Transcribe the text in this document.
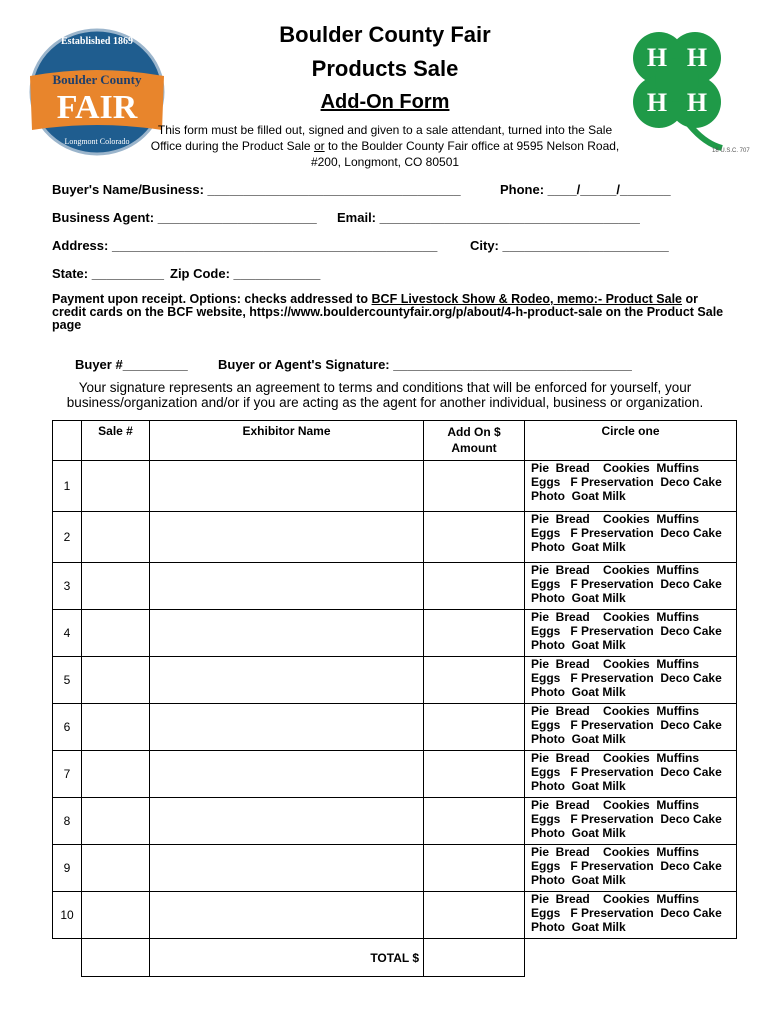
Established 1869
Boulder County
FAIR
Longmont Colorado
H H
H H
18 U.S.C. 707
Boulder County Fair
Products Sale
Add-On Form
This form must be filled out, signed and given to a sale attendant, turned into the Sale Office during the Product Sale or to the Boulder County Fair office at 9595 Nelson Road, #200, Longmont, CO 80501
Buyer's Name/Business: ___________________________________	Phone: ____/_____/_______
Business Agent: ______________________ Email: ____________________________________
Address: _____________________________________________	City: _______________________
State: __________ Zip Code: ____________
Payment upon receipt. Options: checks addressed to BCF Livestock Show & Rodeo, memo:- Product Sale or credit cards on the BCF website, https://www.bouldercountyfair.org/p/about/4-h-product-sale on the Product Sale page
Buyer #_________ Buyer or Agent's Signature: _________________________________
Your signature represents an agreement to terms and conditions that will be enforced for yourself, your business/organization and/or if you are acting as the agent for another individual, business or organization.
	Sale #	Exhibitor Name	Add On $ Amount	Circle one
1				Pie  Bread    Cookies  Muffins
Eggs   F Preservation  Deco Cake
Photo  Goat Milk

2				Pie  Bread    Cookies  Muffins
Eggs   F Preservation  Deco Cake
Photo  Goat Milk

3				Pie  Bread    Cookies  Muffins
Eggs   F Preservation  Deco Cake
Photo  Goat Milk

4				Pie  Bread    Cookies  Muffins
Eggs   F Preservation  Deco Cake
Photo  Goat Milk

5				Pie  Bread    Cookies  Muffins
Eggs   F Preservation  Deco Cake
Photo  Goat Milk

6				Pie  Bread    Cookies  Muffins
Eggs   F Preservation  Deco Cake
Photo  Goat Milk

7				Pie  Bread    Cookies  Muffins
Eggs   F Preservation  Deco Cake
Photo  Goat Milk

8				Pie  Bread    Cookies  Muffins
Eggs   F Preservation  Deco Cake
Photo  Goat Milk

9				Pie  Bread    Cookies  Muffins
Eggs   F Preservation  Deco Cake
Photo  Goat Milk

10				Pie  Bread    Cookies  Muffins
Eggs   F Preservation  Deco Cake
Photo  Goat Milk

		TOTAL $		
